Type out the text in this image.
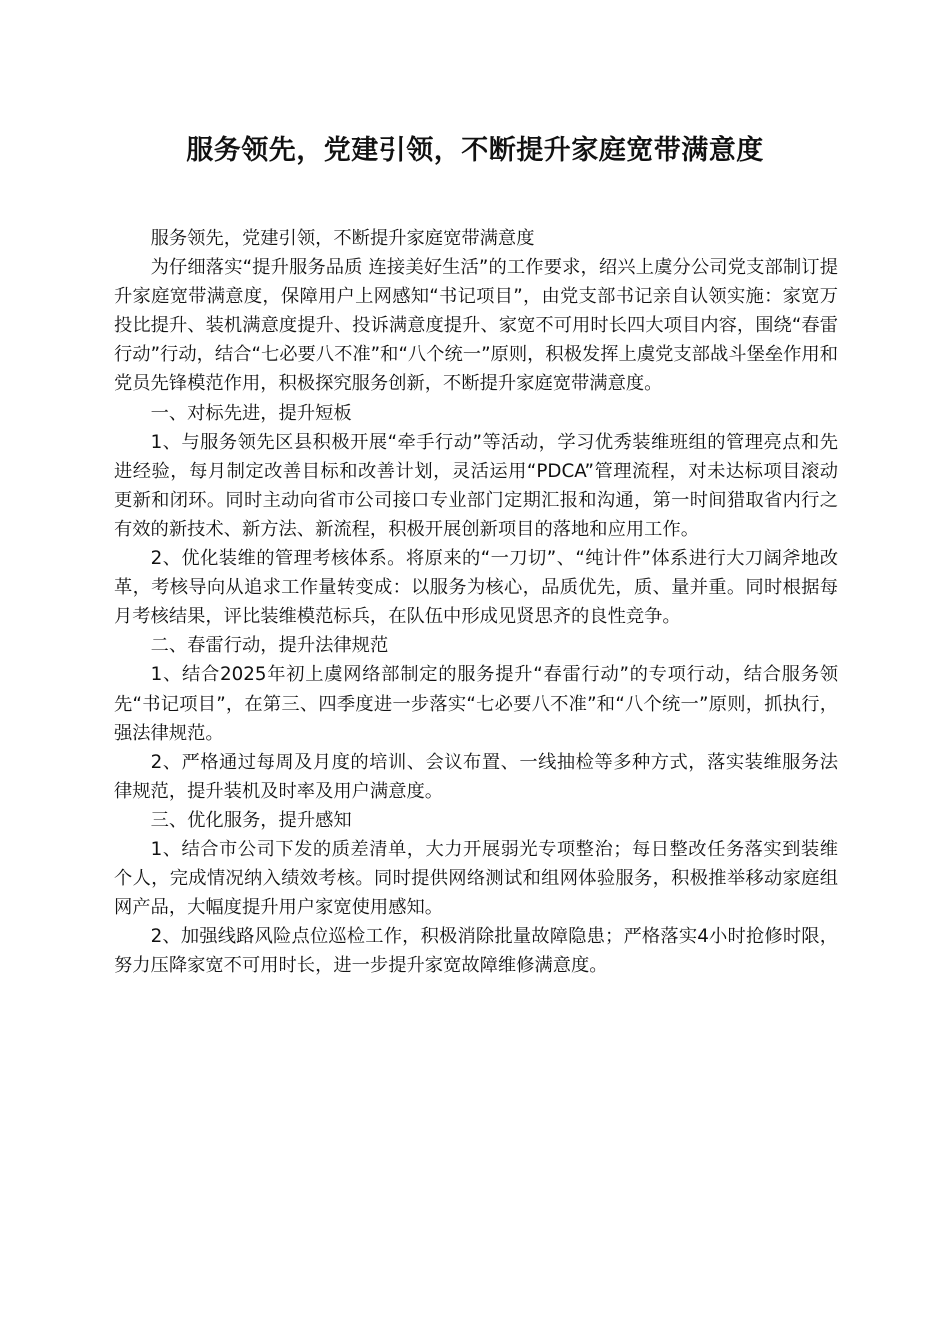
服务领先，党建引领，不断提升家庭宽带满意度

服务领先，党建引领，不断提升家庭宽带满意度

为仔细落实“提升服务品质 连接美好生活”的工作要求，绍兴上虞分公司党支部制订提升家庭宽带满意度，保障用户上网感知“书记项目”，由党支部书记亲自认领实施：家宽万投比提升、装机满意度提升、投诉满意度提升、家宽不可用时长四大项目内容，围绕“春雷行动”行动，结合“七必要八不准”和“八个统一”原则，积极发挥上虞党支部战斗堡垒作用和党员先锋模范作用，积极探究服务创新，不断提升家庭宽带满意度。

一、对标先进，提升短板

1、与服务领先区县积极开展“牵手行动”等活动，学习优秀装维班组的管理亮点和先进经验，每月制定改善目标和改善计划，灵活运用“PDCA”管理流程，对未达标项目滚动更新和闭环。同时主动向省市公司接口专业部门定期汇报和沟通，第一时间猎取省内行之有效的新技术、新方法、新流程，积极开展创新项目的落地和应用工作。

2、优化装维的管理考核体系。将原来的“一刀切”、“纯计件”体系进行大刀阔斧地改革，考核导向从追求工作量转变成：以服务为核心，品质优先，质、量并重。同时根据每月考核结果，评比装维模范标兵，在队伍中形成见贤思齐的良性竞争。

二、春雷行动，提升法律规范

1、结合2025年初上虞网络部制定的服务提升“春雷行动”的专项行动，结合服务领先“书记项目”，在第三、四季度进一步落实“七必要八不准”和“八个统一”原则，抓执行，强法律规范。

2、严格通过每周及月度的培训、会议布置、一线抽检等多种方式，落实装维服务法律规范，提升装机及时率及用户满意度。

三、优化服务，提升感知

1、结合市公司下发的质差清单，大力开展弱光专项整治；每日整改任务落实到装维个人，完成情况纳入绩效考核。同时提供网络测试和组网体验服务，积极推举移动家庭组网产品，大幅度提升用户家宽使用感知。

2、加强线路风险点位巡检工作，积极消除批量故障隐患；严格落实4小时抢修时限，努力压降家宽不可用时长，进一步提升家宽故障维修满意度。
